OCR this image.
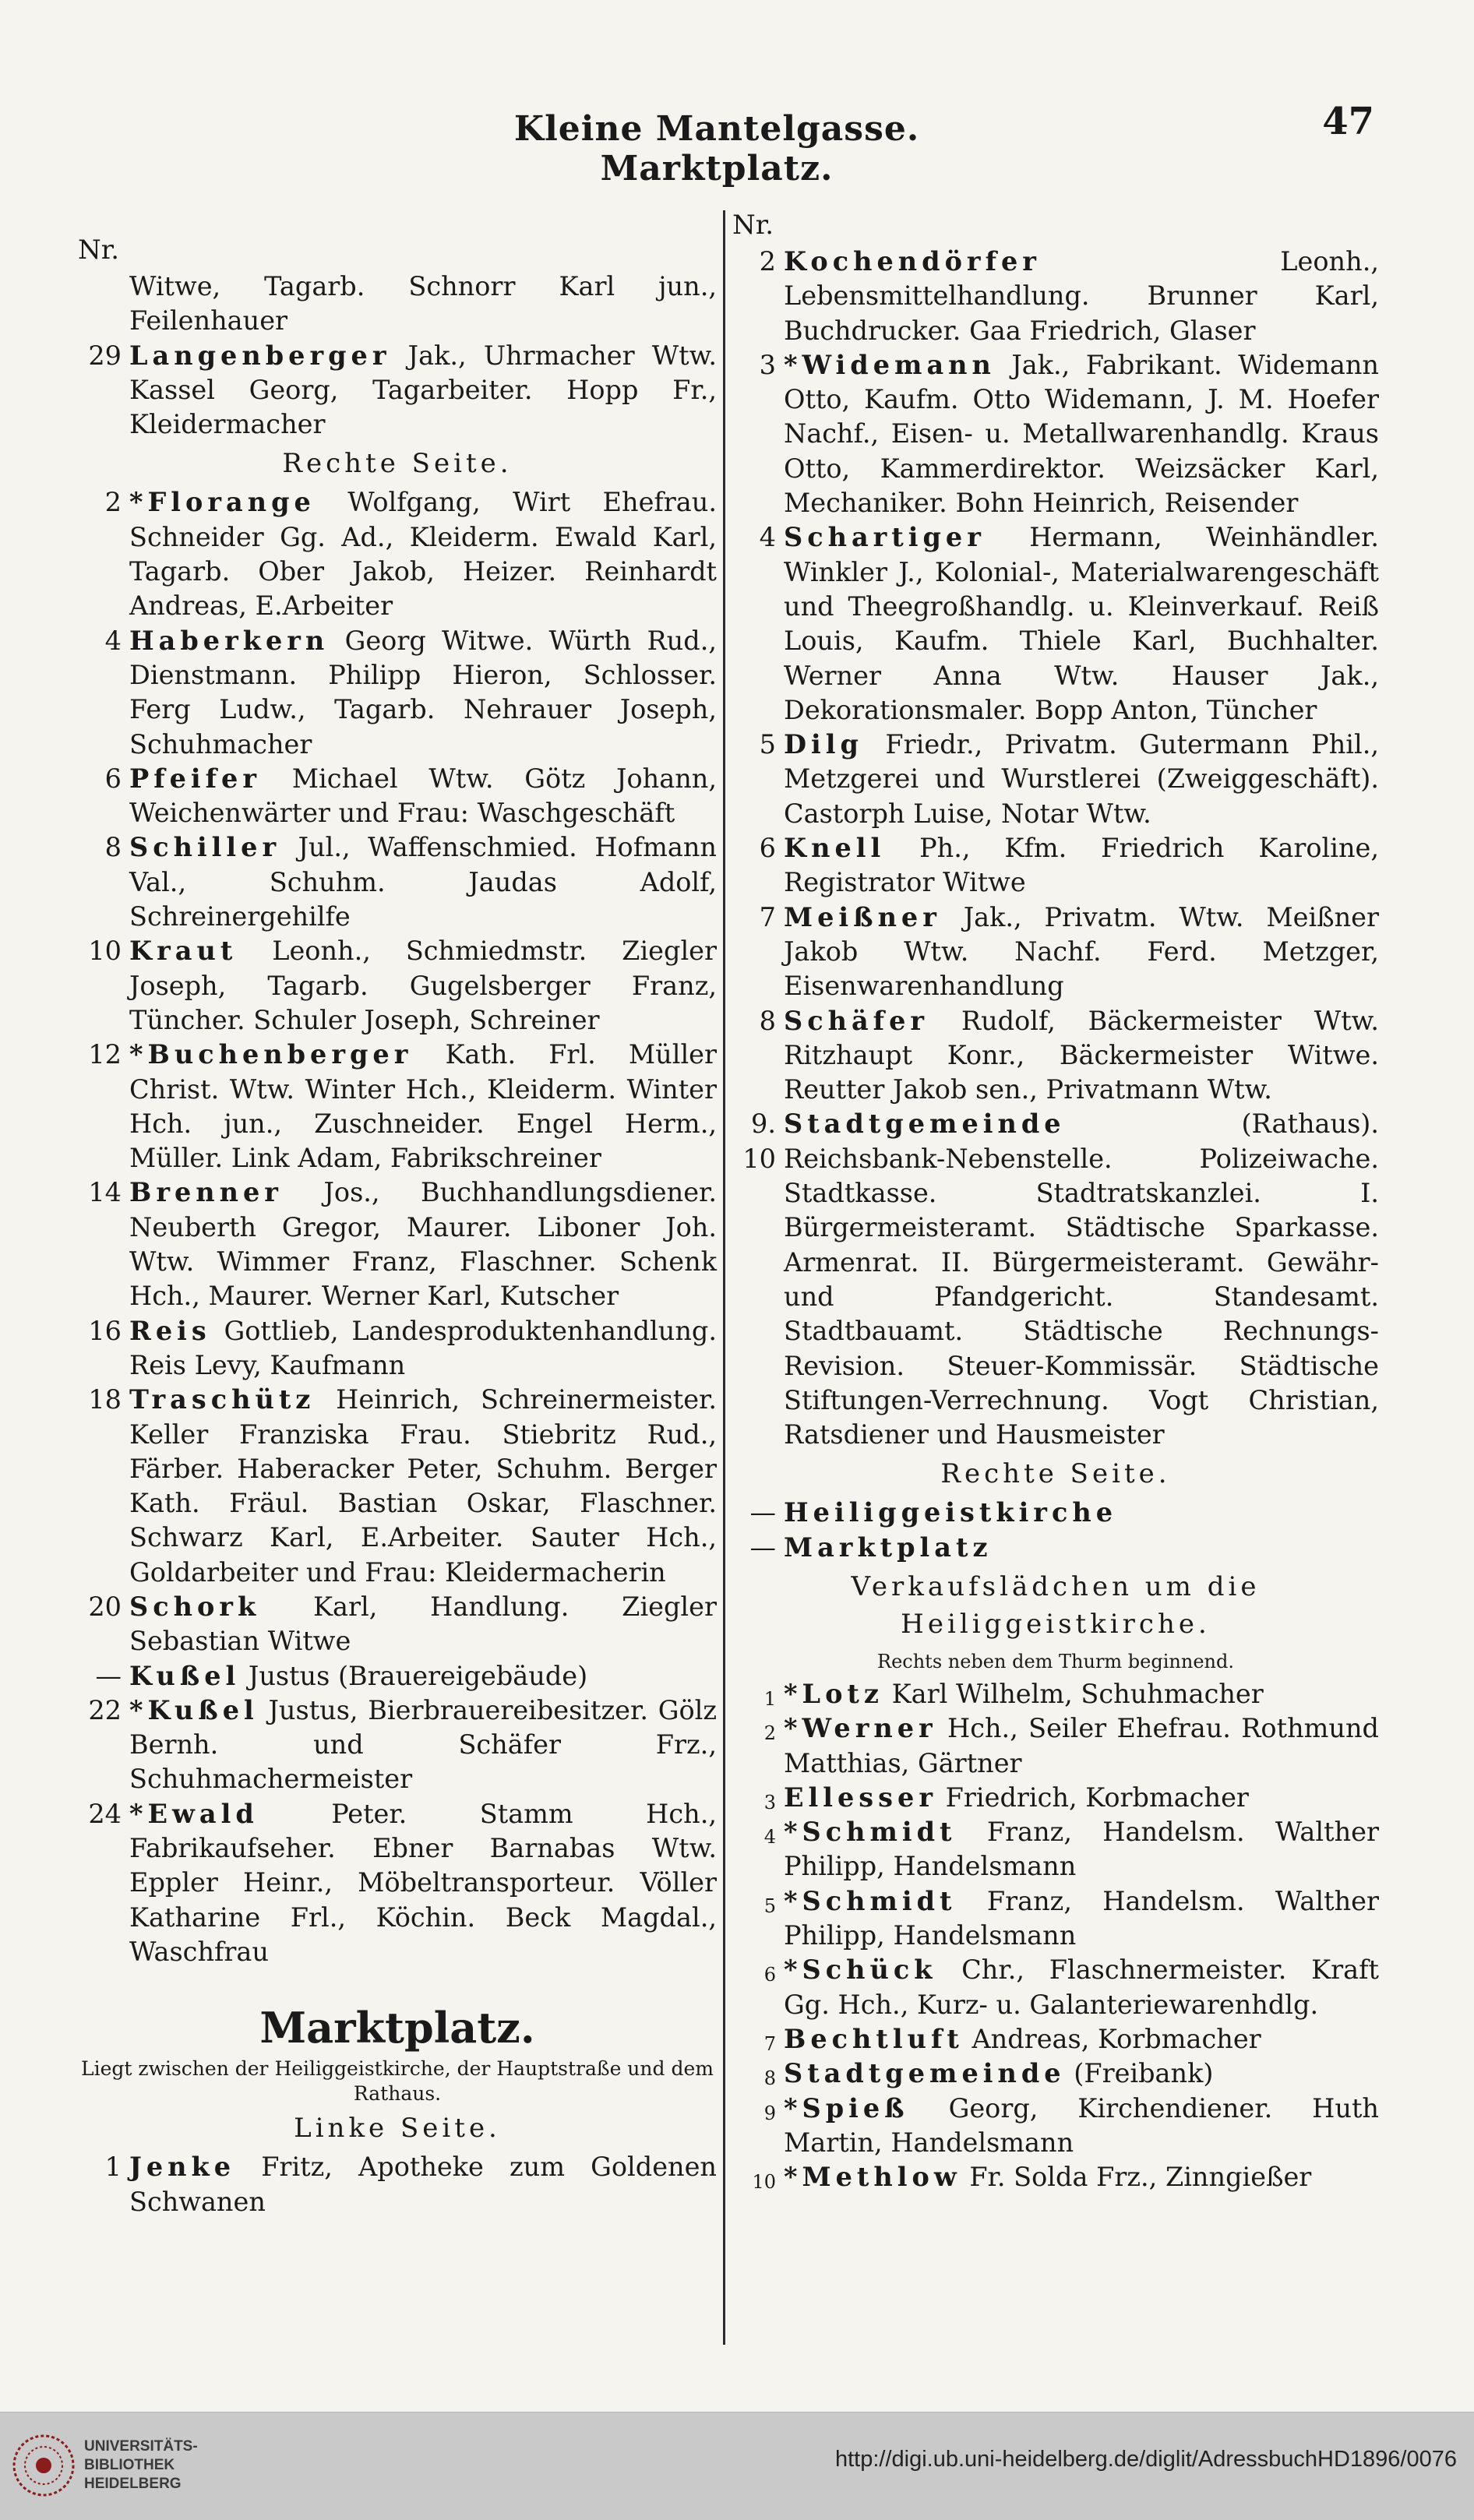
Kleine Mantelgasse. Marktplatz.
47
Nr.

Witwe, Tagarb. Schnorr Karl jun., Feilenhauer

29 Langenberger Jak., Uhrmacher Wtw. Kassel Georg, Tagarbeiter. Hopp Fr., Kleidermacher

Rechte Seite.

2 *Florange Wolfgang, Wirt Ehefrau. Schneider Gg. Ad., Kleiderm. Ewald Karl, Tagarb. Ober Jakob, Heizer. Reinhardt Andreas, E.Arbeiter

4 Haberkern Georg Witwe. Würth Rud., Dienstmann. Philipp Hieron, Schlosser. Ferg Ludw., Tagarb. Nehrauer Joseph, Schuhmacher

6 Pfeifer Michael Wtw. Götz Johann, Weichenwärter und Frau: Waschgeschäft

8 Schiller Jul., Waffenschmied. Hofmann Val., Schuhm. Jaudas Adolf, Schreinergehilfe

10 Kraut Leonh., Schmiedmstr. Ziegler Joseph, Tagarb. Gugelsberger Franz, Tüncher. Schuler Joseph, Schreiner

12 *Buchenberger Kath. Frl. Müller Christ. Wtw. Winter Hch., Kleiderm. Winter Hch. jun., Zuschneider. Engel Herm., Müller. Link Adam, Fabrikschreiner

14 Brenner Jos., Buchhandlungsdiener. Neuberth Gregor, Maurer. Liboner Joh. Wtw. Wimmer Franz, Flaschner. Schenk Hch., Maurer. Werner Karl, Kutscher

16 Reis Gottlieb, Landesproduktenhandlung. Reis Levy, Kaufmann

18 Traschütz Heinrich, Schreinermeister. Keller Franziska Frau. Stiebritz Rud., Färber. Haberacker Peter, Schuhm. Berger Kath. Fräul. Bastian Oskar, Flaschner. Schwarz Karl, E.Arbeiter. Sauter Hch., Goldarbeiter und Frau: Kleidermacherin

20 Schork Karl, Handlung. Ziegler Sebastian Witwe

— Kußel Justus (Brauereigebäude)

22 *Kußel Justus, Bierbrauereibesitzer. Gölz Bernh. und Schäfer Frz., Schuhmachermeister

24 *Ewald	Peter. Stamm Hch., Fabrikaufseher. Ebner Barnabas Wtw. Eppler Heinr., Möbeltransporteur. Völler Katharine Frl., Köchin. Beck Magdal., Waschfrau

Marktplatz.
Liegt zwischen der Heiliggeistkirche, der Hauptstraße und dem Rathaus.
Linke Seite.

1 Jenke Fritz, Apotheke zum Goldenen Schwanen

Nr.

2 Kochendörfer	Leonh., Lebensmittelhandlung. Brunner Karl, Buchdrucker. Gaa Friedrich, Glaser

3 *Widemann Jak., Fabrikant. Widemann Otto, Kaufm. Otto Widemann, J. M. Hoefer Nachf., Eisen- u. Metallwarenhandlg. Kraus Otto, Kammerdirektor. Weizsäcker Karl, Mechaniker. Bohn Heinrich, Reisender

4 Schartiger Hermann, Weinhändler. Winkler J., Kolonial-, Materialwarengeschäft und Theegroßhandlg. u. Kleinverkauf. Reiß Louis, Kaufm. Thiele Karl, Buchhalter. Werner Anna Wtw. Hauser Jak., Dekorationsmaler. Bopp Anton, Tüncher

5 Dilg Friedr., Privatm. Gutermann Phil., Metzgerei und Wurstlerei (Zweiggeschäft). Castorph Luise, Notar Wtw.

6 Knell Ph., Kfm. Friedrich Karoline, Registrator Witwe

7 Meißner Jak., Privatm. Wtw. Meißner Jakob Wtw. Nachf. Ferd. Metzger, Eisenwarenhandlung

8 Schäfer Rudolf, Bäckermeister Wtw. Ritzhaupt Konr., Bäckermeister Witwe. Reutter Jakob sen., Privatmann Wtw.

9. 10
Stadtgemeinde	(Rathaus). Reichsbank-Nebenstelle. Polizeiwache. Stadtkasse. Stadtratskanzlei. I. Bürgermeisteramt. Städtische Sparkasse. Armenrat. II. Bürgermeisteramt. Gewähr- und Pfandgericht. Standesamt. Stadtbauamt. Städtische Rechnungs-Revision. Steuer-Kommissär. Städtische Stiftungen-Verrechnung. Vogt Christian, Ratsdiener und Hausmeister

Rechte Seite.

— Heiliggeistkirche

— Marktplatz

Verkaufslädchen um die Heiliggeistkirche.
Rechts neben dem Thurm beginnend.

1 *Lotz Karl Wilhelm, Schuhmacher

2 *Werner Hch., Seiler Ehefrau. Rothmund Matthias, Gärtner

3 Ellesser Friedrich, Korbmacher

4 *Schmidt Franz, Handelsm. Walther Philipp, Handelsmann

5 *Schmidt Franz, Handelsm. Walther Philipp, Handelsmann

6 *Schück Chr., Flaschnermeister. Kraft Gg. Hch., Kurz- u. Galanteriewarenhdlg.

7 Bechtluft Andreas, Korbmacher

8 Stadtgemeinde (Freibank)

9 *Spieß Georg, Kirchendiener. Huth Martin, Handelsmann

10 *Methlow Fr. Solda Frz., Zinngießer

UNIVERSITÄTS-
BIBLIOTHEK
HEIDELBERG
http://digi.ub.uni-heidelberg.de/diglit/AdressbuchHD1896/0076
